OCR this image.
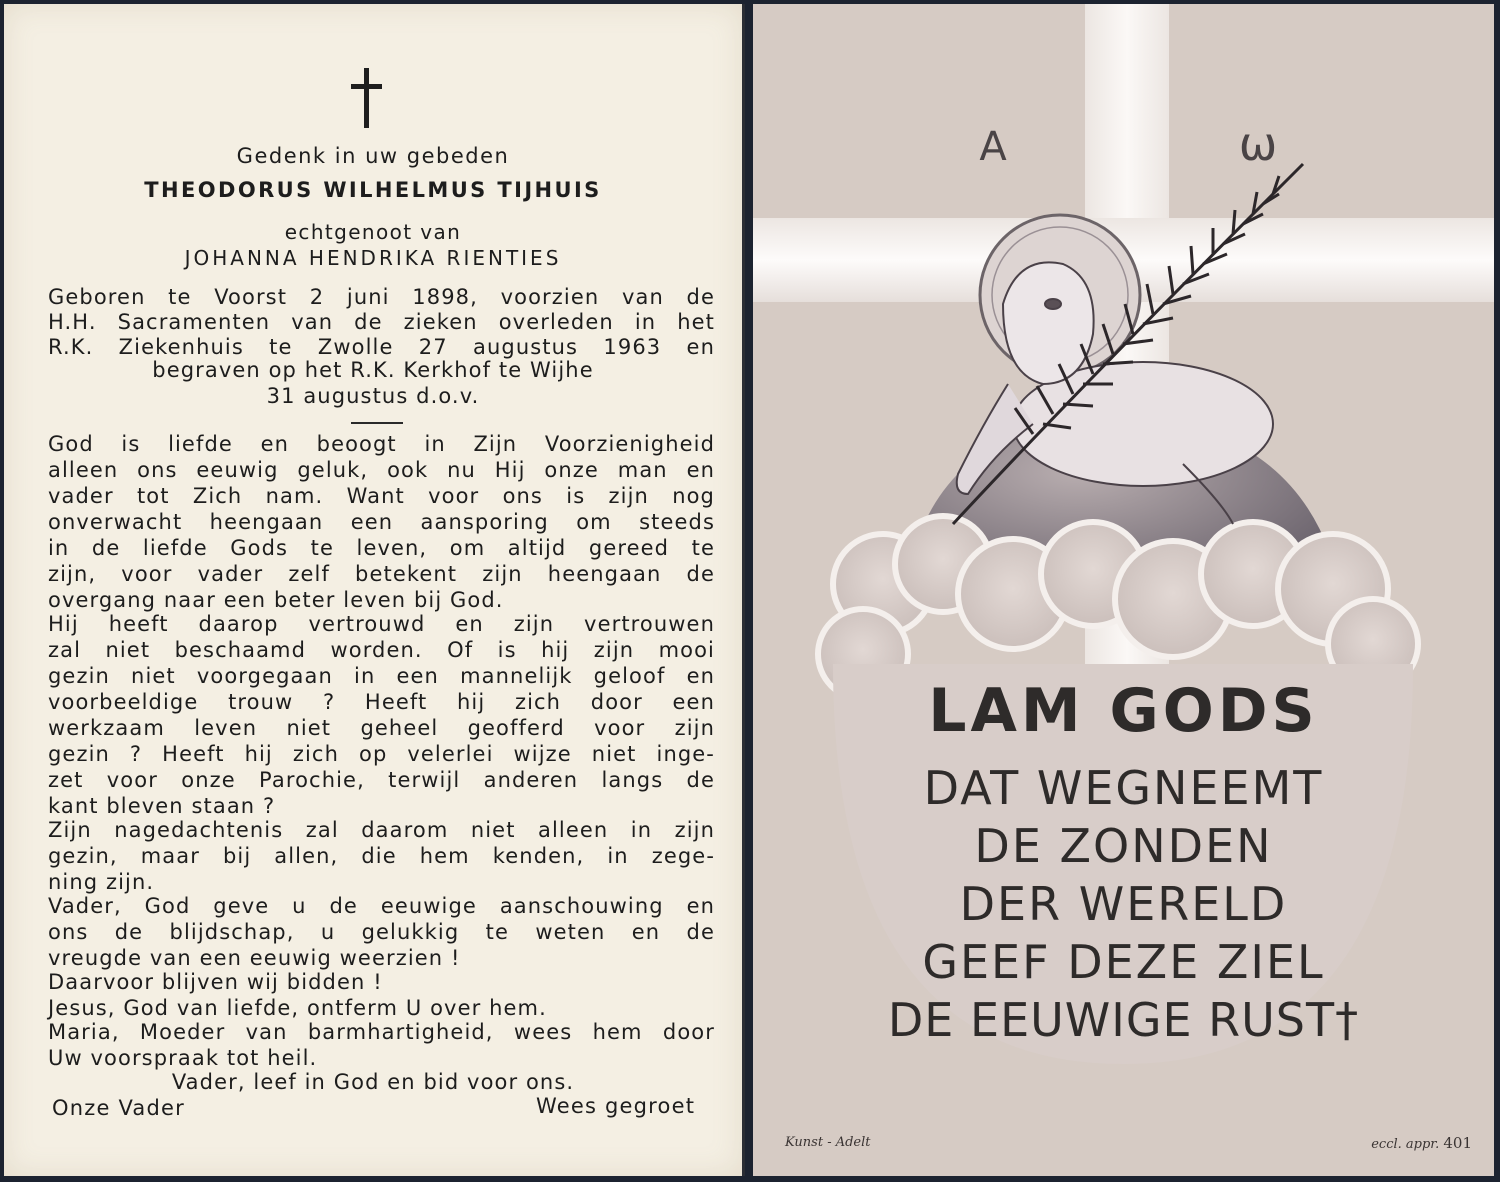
Gedenk in uw gebeden
THEODORUS WILHELMUS TIJHUIS
echtgenoot van
JOHANNA HENDRIKA RIENTIES
Geboren te Voorst 2 juni 1898, voorzien van de
H.H. Sacramenten van de zieken overleden in het
R.K. Ziekenhuis te Zwolle 27 augustus 1963 en
begraven op het R.K. Kerkhof te Wijhe
31 augustus d.o.v.
God is liefde en beoogt in Zijn Voorzienigheid
alleen ons eeuwig geluk, ook nu Hij onze man en
vader tot Zich nam. Want voor ons is zijn nog
onverwacht heengaan een aansporing om steeds
in de liefde Gods te leven, om altijd gereed te
zijn, voor vader zelf betekent zijn heengaan de
overgang naar een beter leven bij God.
Hij heeft daarop vertrouwd en zijn vertrouwen
zal niet beschaamd worden. Of is hij zijn mooi
gezin niet voorgegaan in een mannelijk geloof en
voorbeeldige trouw ? Heeft hij zich door een
werkzaam leven niet geheel geofferd voor zijn
gezin ? Heeft hij zich op velerlei wijze niet inge-
zet voor onze Parochie, terwijl anderen langs de
kant bleven staan ?
Zijn nagedachtenis zal daarom niet alleen in zijn
gezin, maar bij allen, die hem kenden, in zege-
ning zijn.
Vader, God geve u de eeuwige aanschouwing en
ons de blijdschap, u gelukkig te weten en de
vreugde van een eeuwig weerzien !
Daarvoor blijven wij bidden !
Jesus, God van liefde, ontferm U over hem.
Maria, Moeder van barmhartigheid, wees hem door
Uw voorspraak tot heil.
Vader, leef in God en bid voor ons.
Onze Vader	Wees gegroet
Α	ω
LAM GODS
DAT WEGNEEMT
DE ZONDEN
DER WERELD
GEEF DEZE ZIEL
DE EEUWIGE RUST†
Kunst - Adelt	eccl. appr. 401
